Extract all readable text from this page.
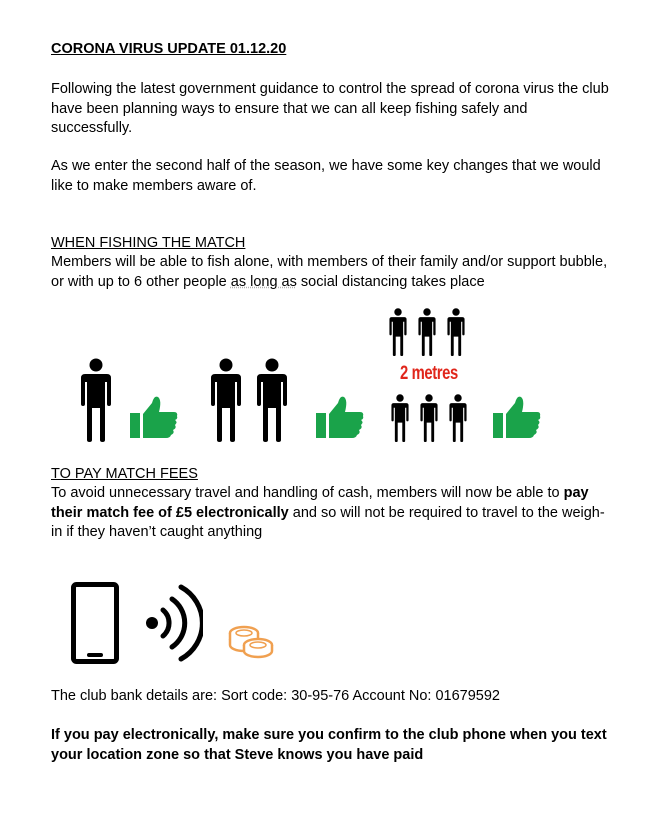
CORONA VIRUS UPDATE 01.12.20

Following the latest government guidance to control the spread of corona virus the club have been planning ways to ensure that we can all keep fishing safely and successfully.

As we enter the second half of the season, we have some key changes that we would like to make members aware of.

WHEN FISHING THE MATCH

Members will be able to fish alone, with members of their family and/or support bubble, or with up to 6 other people as long as social distancing takes place

TO PAY MATCH FEES

To avoid unnecessary travel and handling of cash, members will now be able to pay their match fee of £5 electronically and so will not be required to travel to the weigh-in if they haven’t caught anything

The club bank details are: Sort code: 30-95-76 Account No: 01679592
If you pay electronically, make sure you confirm to the club phone when you text your location zone so that Steve knows you have paid
2 metres
